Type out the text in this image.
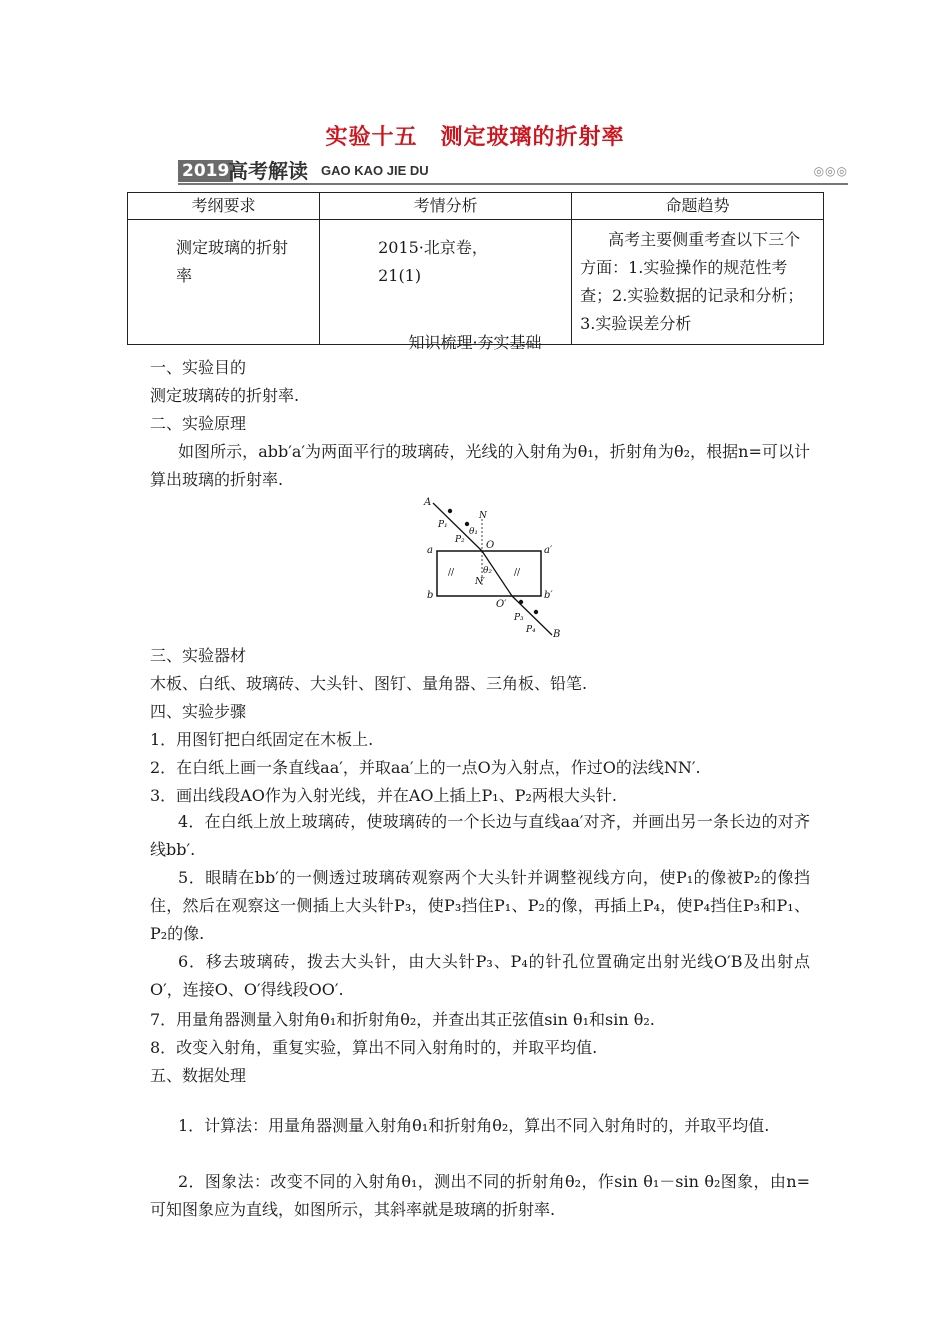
实验十五　测定玻璃的折射率
2019
高考解读 GAO KAO JIE DU	◎◎◎
考纲要求	考情分析	命题趋势
测定玻璃的折射率	2015·北京卷，21(1)	高考主要侧重考查以下三个方面：1.实验操作的规范性考查；2.实验数据的记录和分析；3.实验误差分析
知识梳理·夯实基础
一、实验目的
测定玻璃砖的折射率.
二、实验原理
如图所示，abb′a′为两面平行的玻璃砖，光线的入射角为θ₁，折射角为θ₂，根据n=可以计算出玻璃的折射率.
A
B
N
N′
O
O′
a	a′
b	b′
P₁
P₂
P₃
P₄
θ₁
θ₂
//	//
三、实验器材
木板、白纸、玻璃砖、大头针、图钉、量角器、三角板、铅笔.
四、实验步骤
1．用图钉把白纸固定在木板上.
2．在白纸上画一条直线aa′，并取aa′上的一点O为入射点，作过O的法线NN′.
3．画出线段AO作为入射光线，并在AO上插上P₁、P₂两根大头针.
4．在白纸上放上玻璃砖，使玻璃砖的一个长边与直线aa′对齐，并画出另一条长边的对齐线bb′.
5．眼睛在bb′的一侧透过玻璃砖观察两个大头针并调整视线方向，使P₁的像被P₂的像挡住，然后在观察这一侧插上大头针P₃，使P₃挡住P₁、P₂的像，再插上P₄，使P₄挡住P₃和P₁、P₂的像.
6．移去玻璃砖，拨去大头针，由大头针P₃、P₄的针孔位置确定出射光线O′B及出射点O′，连接O、O′得线段OO′.
7．用量角器测量入射角θ₁和折射角θ₂，并查出其正弦值sin θ₁和sin θ₂.
8．改变入射角，重复实验，算出不同入射角时的，并取平均值.
五、数据处理
1．计算法：用量角器测量入射角θ₁和折射角θ₂，算出不同入射角时的，并取平均值.
2．图象法：改变不同的入射角θ₁，测出不同的折射角θ₂，作sin θ₁－sin θ₂图象，由n=可知图象应为直线，如图所示，其斜率就是玻璃的折射率.
